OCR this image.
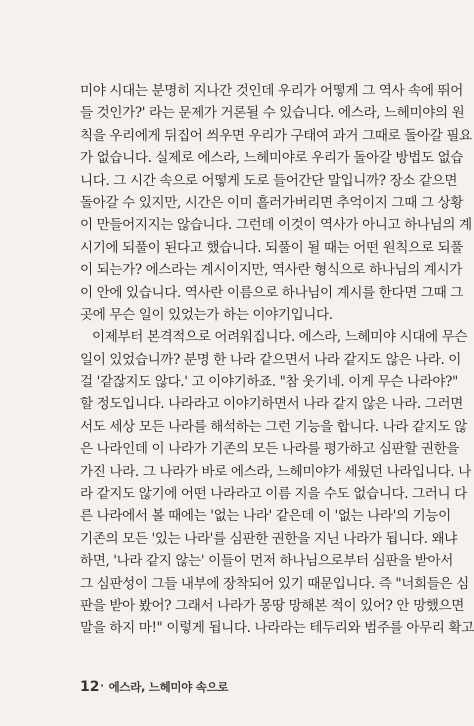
미야 시대는 분명히 지나간 것인데 우리가 어떻게 그 역사 속에 뛰어
들 것인가?' 라는 문제가 거론될 수 있습니다. 에스라, 느헤미야의 원
칙을 우리에게 뒤집어 씌우면 우리가 구태여 과거 그때로 돌아갈 필요
가 없습니다. 실제로 에스라, 느헤미야로 우리가 돌아갈 방법도 없습
니다. 그 시간 속으로 어떻게 도로 들어간단 말입니까? 장소 같으면
돌아갈 수 있지만, 시간은 이미 흘러가버리면 추억이지 그때 그 상황
이 만들어지지는 않습니다. 그런데 이것이 역사가 아니고 하나님의 계
시기에 되풀이 된다고 했습니다. 되풀이 될 때는 어떤 원칙으로 되풀
이 되는가? 에스라는 계시이지만, 역사란 형식으로 하나님의 계시가
이 안에 있습니다. 역사란 이름으로 하나님이 계시를 한다면 그때 그
곳에 무슨 일이 있었는가 하는 이야기입니다.
이제부터 본격적으로 어려워집니다. 에스라, 느헤미야 시대에 무슨
일이 있었습니까? 분명 한 나라 같으면서 나라 같지도 않은 나라. 이
걸 '같잖지도 않다.' 고 이야기하죠. "참 웃기네. 이게 무슨 나라야?"
할 정도입니다. 나라라고 이야기하면서 나라 같지 않은 나라. 그러면
서도 세상 모든 나라를 해석하는 그런 기능을 합니다. 나라 같지도 않
은 나라인데 이 나라가 기존의 모든 나라를 평가하고 심판할 권한을
가진 나라. 그 나라가 바로 에스라, 느헤미야가 세웠던 나라입니다. 나
라 같지도 않기에 어떤 나라라고 이름 지을 수도 없습니다. 그러니 다
른 나라에서 볼 때에는 '없는 나라' 같은데 이 '없는 나라'의 기능이
기존의 모든 '있는 나라'를 심판한 권한을 지닌 나라가 됩니다. 왜냐
하면, '나라 같지 않는' 이들이 먼저 하나님으로부터 심판을 받아서
그 심판성이 그들 내부에 장착되어 있기 때문입니다. 즉 "너희들은 심
판을 받아 봤어? 그래서 나라가 몽땅 망해본 적이 있어? 안 망했으면
말을 하지 마!" 이렇게 됩니다. 나라라는 테두리와 범주를 아무리 확고
12 · 에스라, 느헤미야 속으로
